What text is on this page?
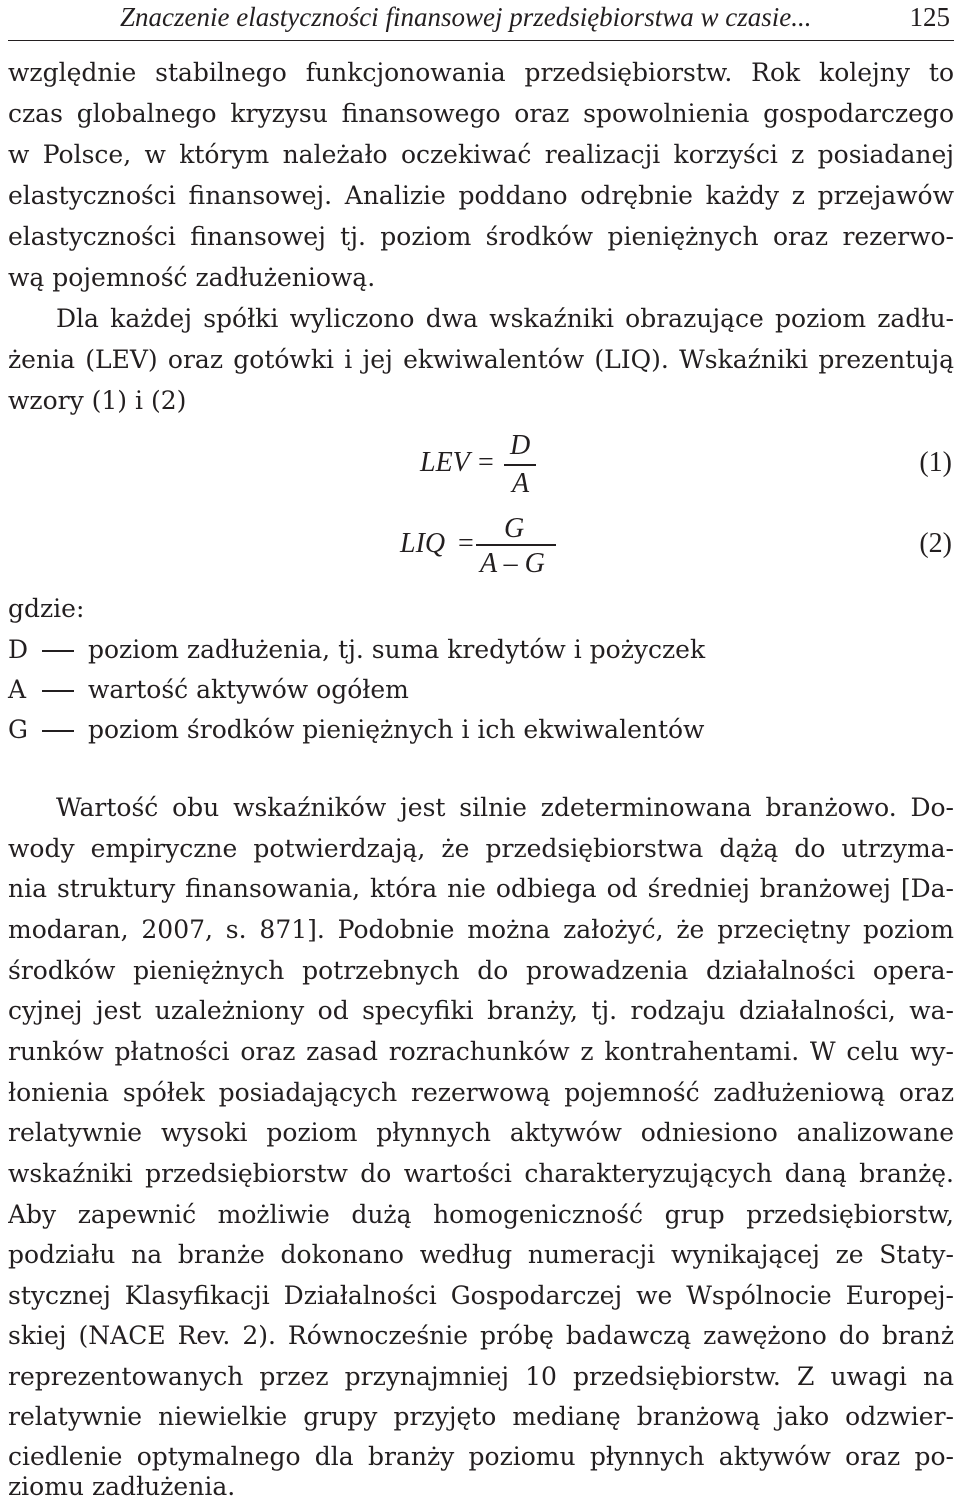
Znaczenie elastyczności finansowej przedsiębiorstwa w czasie...	125
względnie stabilnego funkcjonowania przedsiębiorstw. Rok kolejny to
czas globalnego kryzysu finansowego oraz spowolnienia gospodarczego
w Polsce, w którym należało oczekiwać realizacji korzyści z posiadanej
elastyczności finansowej. Analizie poddano odrębnie każdy z przejawów
elastyczności finansowej tj. poziom środków pieniężnych oraz rezerwo-
wą pojemność zadłużeniową.
Dla każdej spółki wyliczono dwa wskaźniki obrazujące poziom zadłu-
żenia (LEV) oraz gotówki i jej ekwiwalentów (LIQ). Wskaźniki prezentują
wzory (1) i (2)
LEV =
D
A
(1)
LIQ = G
A – G
(2)
gdzie:
D poziom zadłużenia, tj. suma kredytów i pożyczek
A wartość aktywów ogółem
G poziom środków pieniężnych i ich ekwiwalentów
Wartość obu wskaźników jest silnie zdeterminowana branżowo. Do-
wody empiryczne potwierdzają, że przedsiębiorstwa dążą do utrzyma-
nia struktury finansowania, która nie odbiega od średniej branżowej [Da-
modaran, 2007, s. 871]. Podobnie można założyć, że przeciętny poziom
środków pieniężnych potrzebnych do prowadzenia działalności opera-
cyjnej jest uzależniony od specyfiki branży, tj. rodzaju działalności, wa-
runków płatności oraz zasad rozrachunków z kontrahentami. W celu wy-
łonienia spółek posiadających rezerwową pojemność zadłużeniową oraz
relatywnie wysoki poziom płynnych aktywów odniesiono analizowane
wskaźniki przedsiębiorstw do wartości charakteryzujących daną branżę.
Aby zapewnić możliwie dużą homogeniczność grup przedsiębiorstw,
podziału na branże dokonano według numeracji wynikającej ze Staty-
stycznej Klasyfikacji Działalności Gospodarczej we Wspólnocie Europej-
skiej (NACE Rev. 2). Równocześnie próbę badawczą zawężono do branż
reprezentowanych przez przynajmniej 10 przedsiębiorstw. Z uwagi na
relatywnie niewielkie grupy przyjęto medianę branżową jako odzwier-
ciedlenie optymalnego dla branży poziomu płynnych aktywów oraz po-
ziomu zadłużenia.
